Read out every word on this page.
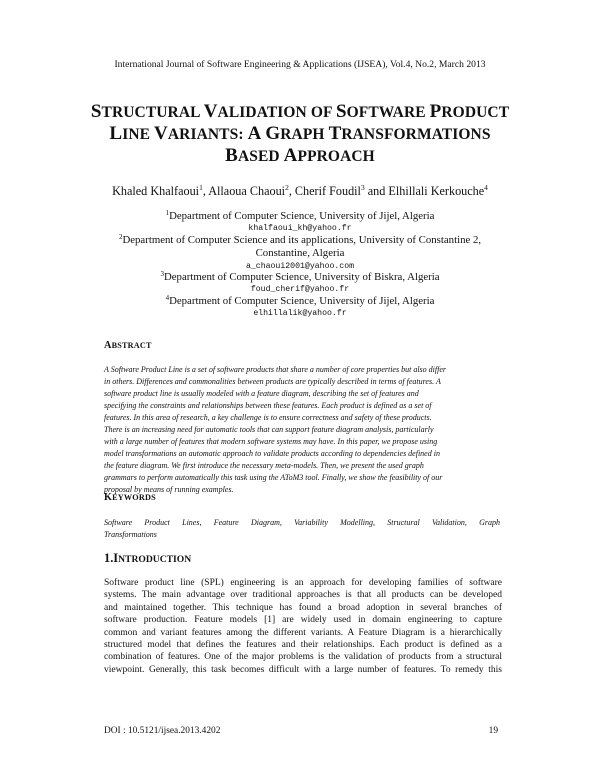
International Journal of Software Engineering & Applications (IJSEA), Vol.4, No.2, March 2013
STRUCTURAL VALIDATION OF SOFTWARE PRODUCT
LINE VARIANTS: A GRAPH TRANSFORMATIONS
BASED APPROACH
Khaled Khalfaoui$^1$, Allaoua Chaoui$^2$, Cherif Foudil$^3$ and Elhillali Kerkouche$^4$
$^1$Department of Computer Science, University of Jijel, Algeria
khalfaoui_kh@yahoo.fr
$^2$Department of Computer Science and its applications, University of Constantine 2,
Constantine, Algeria
a_chaoui2001@yahoo.com
$^3$Department of Computer Science, University of Biskra, Algeria
foud_cherif@yahoo.fr
$^4$Department of Computer Science, University of Jijel, Algeria
elhillalik@yahoo.fr
ABSTRACT
A Software Product Line is a set of software products that share a number of core properties but also differ
in others. Differences and commonalities between products are typically described in terms of features. A
software product line is usually modeled with a feature diagram, describing the set of features and
specifying the constraints and relationships between these features. Each product is defined as a set of
features. In this area of research, a key challenge is to ensure correctness and safety of these products.
There is an increasing need for automatic tools that can support feature diagram analysis, particularly
with a large number of features that modern software systems may have. In this paper, we propose using
model transformations an automatic approach to validate products according to dependencies defined in
the feature diagram. We first introduce the necessary meta-models. Then, we present the used graph
grammars to perform automatically this task using the AToM3 tool. Finally, we show the feasibility of our
proposal by means of running examples.
KEYWORDS
Software Product Lines, Feature Diagram, Variability Modelling, Structural Validation, Graph
Transformations
1.INTRODUCTION
Software product line (SPL) engineering is an approach for developing families of software
systems. The main advantage over traditional approaches is that all products can be developed
and maintained together. This technique has found a broad adoption in several branches of
software production. Feature models [1] are widely used in domain engineering to capture
common and variant features among the different variants. A Feature Diagram is a hierarchically
structured model that defines the features and their relationships. Each product is defined as a
combination of features. One of the major problems is the validation of products from a structural
viewpoint. Generally, this task becomes difficult with a large number of features. To remedy this
DOI : 10.5121/ijsea.2013.4202	19
